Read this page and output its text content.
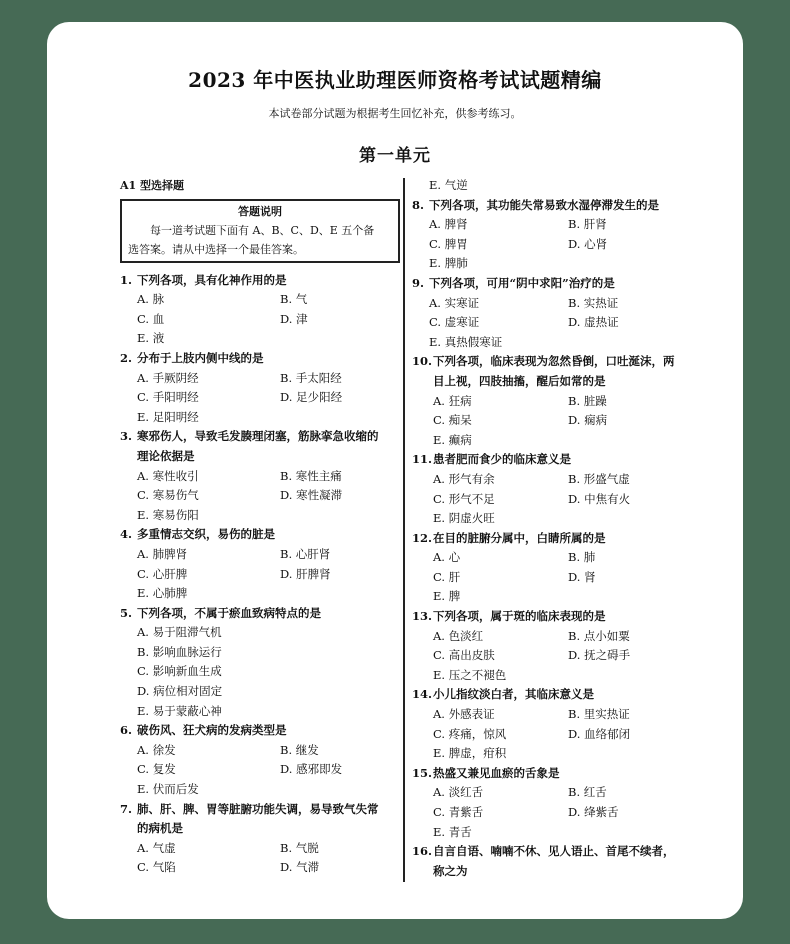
2023 年中医执业助理医师资格考试试题精编
本试卷部分试题为根据考生回忆补充，供参考练习。
第一单元
A1 型选择题
答题说明
　　每一道考试题下面有 A、B、C、D、E 五个备
选答案。请从中选择一个最佳答案。
1. 下列各项，具有化神作用的是
A. 脉	B. 气
C. 血	D. 津
E. 液
2. 分布于上肢内侧中线的是
A. 手厥阴经	B. 手太阳经
C. 手阳明经	D. 足少阳经
E. 足阳明经
3. 寒邪伤人，导致毛发腠理闭塞，筋脉挛急收缩的
理论依据是
A. 寒性收引	B. 寒性主痛
C. 寒易伤气	D. 寒性凝滞
E. 寒易伤阳
4. 多重情志交织，易伤的脏是
A. 肺脾肾	B. 心肝肾
C. 心肝脾	D. 肝脾肾
E. 心肺脾
5. 下列各项，不属于瘀血致病特点的是
A. 易于阻滞气机
B. 影响血脉运行
C. 影响新血生成
D. 病位相对固定
E. 易于蒙蔽心神
6. 破伤风、狂犬病的发病类型是
A. 徐发	B. 继发
C. 复发	D. 感邪即发
E. 伏而后发
7. 肺、肝、脾、胃等脏腑功能失调，易导致气失常
的病机是
A. 气虚	B. 气脱
C. 气陷	D. 气滞
E. 气逆
8. 下列各项，其功能失常易致水湿停滞发生的是
A. 脾肾	B. 肝肾
C. 脾胃	D. 心肾
E. 脾肺
9. 下列各项，可用“阴中求阳”治疗的是
A. 实寒证	B. 实热证
C. 虚寒证	D. 虚热证
E. 真热假寒证
10. 下列各项，临床表现为忽然昏倒，口吐涎沫，两
目上视，四肢抽搐，醒后如常的是
A. 狂病	B. 脏躁
C. 痴呆	D. 痫病
E. 癫病
11. 患者肥而食少的临床意义是
A. 形气有余	B. 形盛气虚
C. 形气不足	D. 中焦有火
E. 阴虚火旺
12. 在目的脏腑分属中，白睛所属的是
A. 心	B. 肺
C. 肝	D. 肾
E. 脾
13. 下列各项，属于斑的临床表现的是
A. 色淡红	B. 点小如粟
C. 高出皮肤	D. 抚之碍手
E. 压之不褪色
14. 小儿指纹淡白者，其临床意义是
A. 外感表证	B. 里实热证
C. 疼痛，惊风	D. 血络郁闭
E. 脾虚，疳积
15. 热盛又兼见血瘀的舌象是
A. 淡红舌	B. 红舌
C. 青紫舌	D. 绛紫舌
E. 青舌
16. 自言自语、喃喃不休、见人语止、首尾不续者，
称之为
